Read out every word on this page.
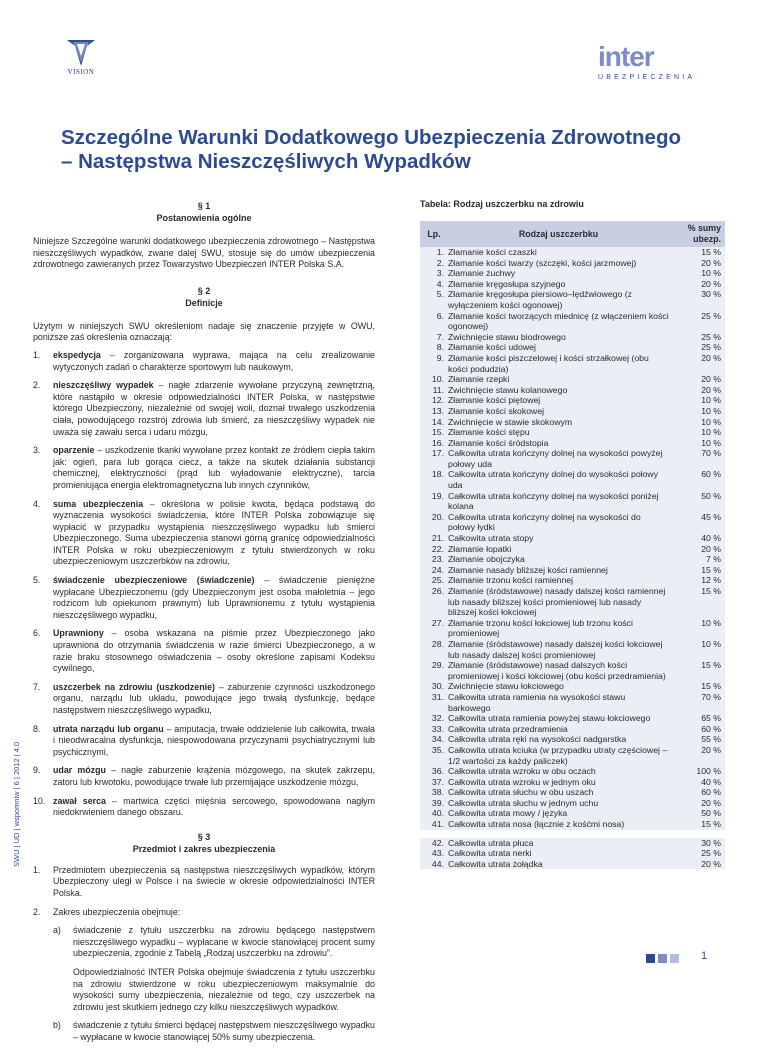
VISION	inter
UBEZPIECZENIA
Szczególne Warunki Dodatkowego Ubezpieczenia Zdrowotnego
– Następstwa Nieszczęśliwych Wypadków
SWU | UD | wspomniw | 6 | 2012 | 4.0

§ 1

Postanowienia ogólne

Niniejsze Szczególne warunki dodatkowego ubezpieczenia zdrowotnego – Następstwa nieszczęśliwych wypadków, zwane dalej SWU, stosuje się do umów ubezpieczenia zdrowotnego zawieranych przez Towarzystwo Ubezpieczeń INTER Polska S.A.

§ 2

Definicje

Użytym w niniejszych SWU określeniom nadaje się znaczenie przyjęte w OWU, poniższe zaś określenia oznaczają:

1. ekspedycja – zorganizowana wyprawa, mająca na celu zrealizowanie wytyczonych zadań o charakterze sportowym lub naukowym,
2. nieszczęśliwy wypadek – nagłe zdarzenie wywołane przyczyną zewnętrzną, które nastąpiło w okresie odpowiedzialności INTER Polska, w następstwie którego Ubezpieczony, niezależnie od swojej woli, doznał trwałego uszkodzenia ciała, powodującego rozstrój zdrowia lub śmierć, za nieszczęśliwy wypadek nie uważa się zawału serca i udaru mózgu,
3. oparzenie – uszkodzenie tkanki wywołane przez kontakt ze źródłem ciepła takim jak: ogień, para lub gorąca ciecz, a także na skutek działania substancji chemicznej, elektryczności (prąd lub wyładowanie elektryczne), tarcia promieniująca energia elektromagnetyczna lub innych czynników,
4. suma ubezpieczenia – określona w polisie kwota, będąca podstawą do wyznaczenia wysokości świadczenia, które INTER Polska zobowiązuje się wypłacić w przypadku wystąpienia nieszczęśliwego wypadku lub śmierci Ubezpieczonego. Suma ubezpieczenia stanowi górną granicę odpowiedzialności INTER Polska w roku ubezpieczeniowym z tytułu stwierdzonych w roku ubezpieczeniowym uszczerbków na zdrowiu,
5. świadczenie ubezpieczeniowe (świadczenie) – świadczenie pieniężne wypłacane Ubezpieczonemu (gdy Ubezpieczonym jest osoba małoletnia – jego rodzicom lub opiekunom prawnym) lub Uprawnionemu z tytułu wystąpienia nieszczęśliwego wypadku,
6. Uprawniony – osoba wskazana na piśmie przez Ubezpieczonego jako uprawniona do otrzymania świadczenia w razie śmierci Ubezpieczonego, a w razie braku stosownego oświadczenia – osoby określone zapisami Kodeksu cywilnego,
7. uszczerbek na zdrowiu (uszkodzenie) – zaburzenie czynności uszkodzonego organu, narządu lub układu, powodujące jego trwałą dysfunkcję, będące następstwem nieszczęśliwego wypadku,
8. utrata narządu lub organu – amputacja, trwałe oddzielenie lub całkowita, trwała i nieodwracalna dysfunkcja, niespowodowana przyczynami psychiatrycznymi lub psychicznymi,
9. udar mózgu – nagłe zaburzenie krążenia mózgowego, na skutek zakrzepu, zatoru lub krwotoku, powodujące trwałe lub przemijające uszkodzenie mózgu,
10. zawał serca – martwica części mięśnia sercowego, spowodowana nagłym niedokrwieniem danego obszaru.

§ 3

Przedmiot i zakres ubezpieczenia

1. Przedmiotem ubezpieczenia są następstwa nieszczęśliwych wypadków, którym Ubezpieczony uległ w Polsce i na świecie w okresie odpowiedzialności INTER Polska.
2. Zakres ubezpieczenia obejmuje:
a) świadczenie z tytułu uszczerbku na zdrowiu będącego następstwem nieszczęśliwego wypadku – wypłacane w kwocie stanowiącej procent sumy ubezpieczenia, zgodnie z Tabelą „Rodzaj uszczerbku na zdrowiu”.
Odpowiedzialność INTER Polska obejmuje świadczenia z tytułu uszczerbku na zdrowiu stwierdzone w roku ubezpieczeniowym maksymalnie do wysokości sumy ubezpieczenia, niezależnie od tego, czy uszczerbek na zdrowiu jest skutkiem jednego czy kilku nieszczęśliwych wypadków.
b) świadczenie z tytułu śmierci będącej następstwem nieszczęśliwego wypadku – wypłacane w kwocie stanowiącej 50% sumy ubezpieczenia.
Tabela: Rodzaj uszczerbku na zdrowiu
Lp.	Rodzaj uszczerbku	% sumy
ubezp.
1.	Złamanie kości czaszki	15 %
2.	Złamanie kości twarzy (szczęki, kości jarzmowej)	20 %
3.	Złamanie żuchwy	10 %
4.	Złamanie kręgosłupa szyjnego	20 %
5.	Złamanie kręgosłupa piersiowo–lędźwiowego (z wyłączeniem kości ogonowej)	30 %
6.	Złamanie kości tworzących miednicę (z włączeniem kości ogonowej)	25 %
7.	Zwichnięcie stawu biodrowego	25 %
8.	Złamanie kości udowej	25 %
9.	Złamanie kości piszczelowej i kości strzałkowej (obu kości podudzia)	20 %
10.	Złamanie rzepki	20 %
11.	Zwichnięcie stawu kolanowego	20 %
12.	Złamanie kości piętowej	10 %
13.	Złamanie kości skokowej	10 %
14.	Zwichnięcie w stawie skokowym	10 %
15.	Złamanie kości stępu	10 %
16.	Złamanie kości śródstopia	10 %
17.	Całkowita utrata kończyny dolnej na wysokości powyżej połowy uda	70 %
18.	Całkowita utrata kończyny dolnej do wysokości połowy uda	60 %
19.	Całkowita utrata kończyny dolnej na wysokości poniżej kolana	50 %
20.	Całkowita utrata kończyny dolnej na wysokości do połowy łydki	45 %
21.	Całkowita utrata stopy	40 %
22.	Złamanie łopatki	20 %
23.	Złamanie obojczyka	7 %
24.	Złamanie nasady bliższej kości ramiennej	15 %
25.	Złamanie trzonu kości ramiennej	12 %
26.	Złamanie (śródstawowe) nasady dalszej kości ramiennej lub nasady bliższej kości promieniowej lub nasady bliższej kości łokciowej	15 %
27.	Złamanie trzonu kości łokciowej lub trzonu kości promieniowej	10 %
28.	Złamanie (śródstawowe) nasady dalszej kości łokciowej lub nasady dalszej kości promieniowej	10 %
29.	Złamanie (śródstawowe) nasad dalszych kości promieniowej i kości łokciowej (obu kości przedramienia)	15 %
30.	Zwichnięcie stawu łokciowego	15 %
31.	Całkowita utrata ramienia na wysokości stawu barkowego	70 %
32.	Całkowita utrata ramienia powyżej stawu łokciowego	65 %
33.	Całkowita utrata przedramienia	60 %
34.	Całkowita utrata ręki na wysokości nadgarstka	55 %
35.	Całkowita utrata kciuka (w przypadku utraty częściowej – 1/2 wartości za każdy paliczek)	20 %
36.	Całkowita utrata wzroku w obu oczach	100 %
37.	Całkowita utrata wzroku w jednym oku	40 %
38.	Całkowita utrata słuchu w obu uszach	60 %
39.	Całkowita utrata słuchu w jednym uchu	20 %
40.	Całkowita utrata mowy / języka	50 %
41.	Całkowita utrata nosa (łącznie z kośćmi nosa)	15 %

42.	Całkowita utrata płuca	30 %
43.	Całkowita utrata nerki	25 %
44.	Całkowita utrata żołądka	20 %
1
